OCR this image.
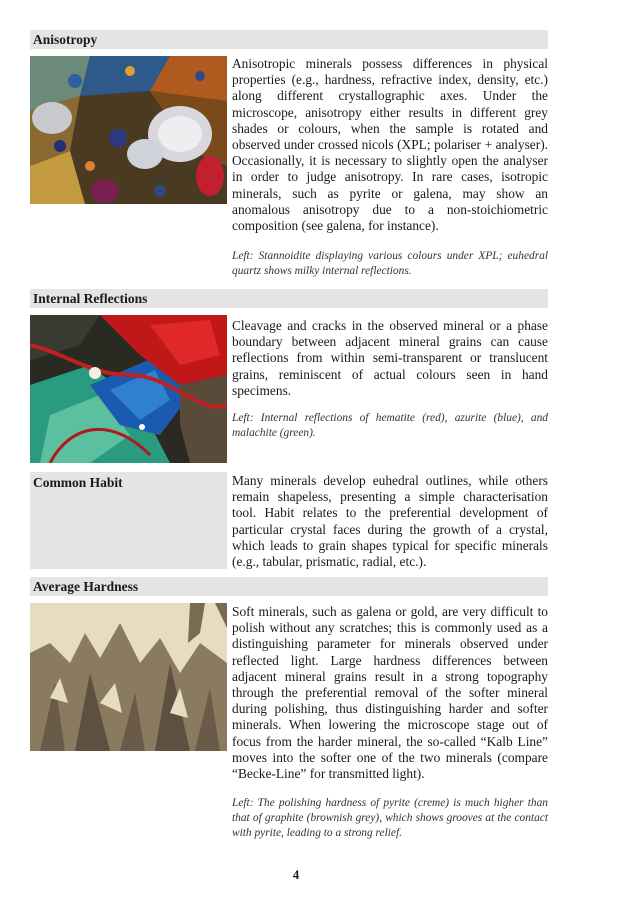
Anisotropy
Anisotropic minerals possess differences in physical properties (e.g., hardness, refractive index, density, etc.) along different crystallographic axes. Under the microscope, anisotropy either results in different grey shades or colours, when the sample is rotated and observed under crossed nicols (XPL; polariser + analyser). Occasionally, it is necessary to slightly open the analyser in order to judge anisotropy. In rare cases, isotropic minerals, such as pyrite or galena, may show an anomalous anisotropy due to a non-stoichiometric composition (see galena, for instance).
Left: Stannoidite displaying various colours under XPL; euhedral quartz shows milky internal reflections.
Internal Reflections
Cleavage and cracks in the observed mineral or a phase boundary between adjacent mineral grains can cause reflections from within semi-transparent or translucent grains, reminiscent of actual colours seen in hand specimens.
Left: Internal reflections of hematite (red), azurite (blue), and malachite (green).
Common Habit	Many minerals develop euhedral outlines, while others remain shapeless, presenting a simple characterisation tool. Habit relates to the preferential development of particular crystal faces during the growth of a crystal, which leads to grain shapes typical for specific minerals (e.g., tabular, prismatic, radial, etc.).
Average Hardness
Soft minerals, such as galena or gold, are very difficult to polish without any scratches; this is commonly used as a distinguishing parameter for minerals observed under reflected light. Large hardness differences between adjacent mineral grains result in a strong topography through the preferential removal of the softer mineral during polishing, thus distinguishing harder and softer minerals. When lowering the microscope stage out of focus from the harder mineral, the so-called “Kalb Line” moves into the softer one of the two minerals (compare “Becke-Line” for transmitted light).
Left: The polishing hardness of pyrite (creme) is much higher than that of graphite (brownish grey), which shows grooves at the contact with pyrite, leading to a strong relief.
4
